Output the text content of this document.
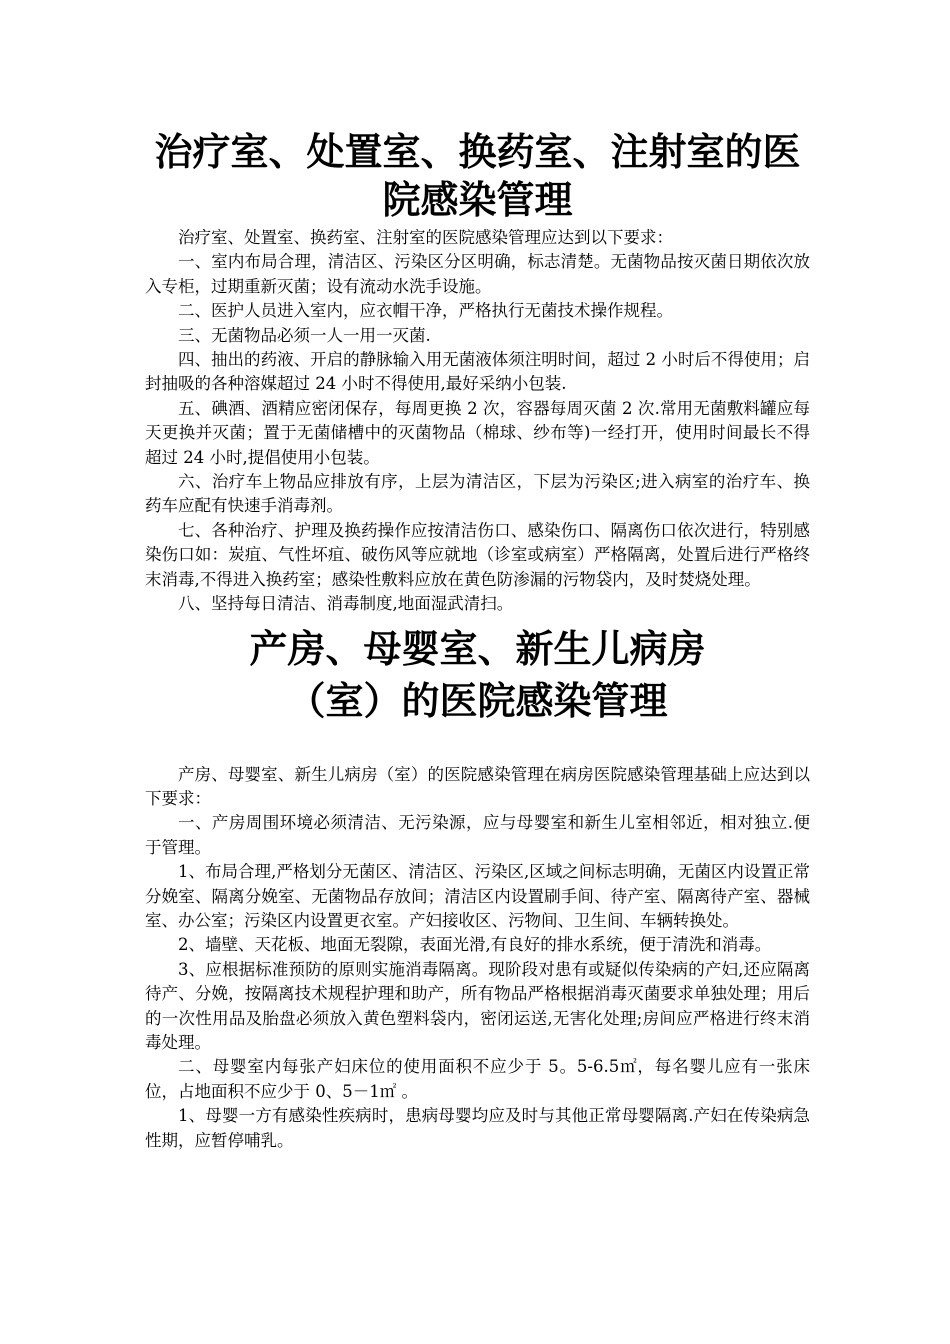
治疗室、处置室、换药室、注射室的医
院感染管理

治疗室、处置室、换药室、注射室的医院感染管理应达到以下要求：

一、室内布局合理，清洁区、污染区分区明确，标志清楚。无菌物品按灭菌日期依次放入专柜，过期重新灭菌；设有流动水洗手设施。

二、医护人员进入室内，应衣帽干净，严格执行无菌技术操作规程。

三、无菌物品必须一人一用一灭菌.

四、抽出的药液、开启的静脉输入用无菌液体须注明时间，超过 2 小时后不得使用；启封抽吸的各种溶媒超过 24 小时不得使用,最好采纳小包装.

五、碘酒、酒精应密闭保存，每周更换 2 次，容器每周灭菌 2 次.常用无菌敷料罐应每天更换并灭菌；置于无菌储槽中的灭菌物品（棉球、纱布等)一经打开，使用时间最长不得超过 24 小时,提倡使用小包装。

六、治疗车上物品应排放有序，上层为清洁区，下层为污染区;进入病室的治疗车、换药车应配有快速手消毒剂。

七、各种治疗、护理及换药操作应按清洁伤口、感染伤口、隔离伤口依次进行，特别感染伤口如：炭疽、气性坏疽、破伤风等应就地（诊室或病室）严格隔离，处置后进行严格终末消毒,不得进入换药室；感染性敷料应放在黄色防渗漏的污物袋内，及时焚烧处理。

八、坚持每日清洁、消毒制度,地面湿武清扫。

产房、母婴室、新生儿病房
（室）的医院感染管理

产房、母婴室、新生儿病房（室）的医院感染管理在病房医院感染管理基础上应达到以下要求：

一、产房周围环境必须清洁、无污染源，应与母婴室和新生儿室相邻近，相对独立.便于管理。

1、布局合理,严格划分无菌区、清洁区、污染区,区域之间标志明确，无菌区内设置正常分娩室、隔离分娩室、无菌物品存放间；清洁区内设置刷手间、待产室、隔离待产室、器械室、办公室；污染区内设置更衣室。产妇接收区、污物间、卫生间、车辆转换处。

2、墙壁、天花板、地面无裂隙，表面光滑,有良好的排水系统，便于清洗和消毒。

3、应根据标准预防的原则实施消毒隔离。现阶段对患有或疑似传染病的产妇,还应隔离待产、分娩，按隔离技术规程护理和助产，所有物品严格根据消毒灭菌要求单独处理；用后的一次性用品及胎盘必须放入黄色塑料袋内，密闭运送,无害化处理;房间应严格进行终末消毒处理。

二、母婴室内每张产妇床位的使用面积不应少于 5。5-6.5㎡，每名婴儿应有一张床位，占地面积不应少于 0、5－1㎡ 。

1、母婴一方有感染性疾病时，患病母婴均应及时与其他正常母婴隔离.产妇在传染病急性期，应暂停哺乳。
